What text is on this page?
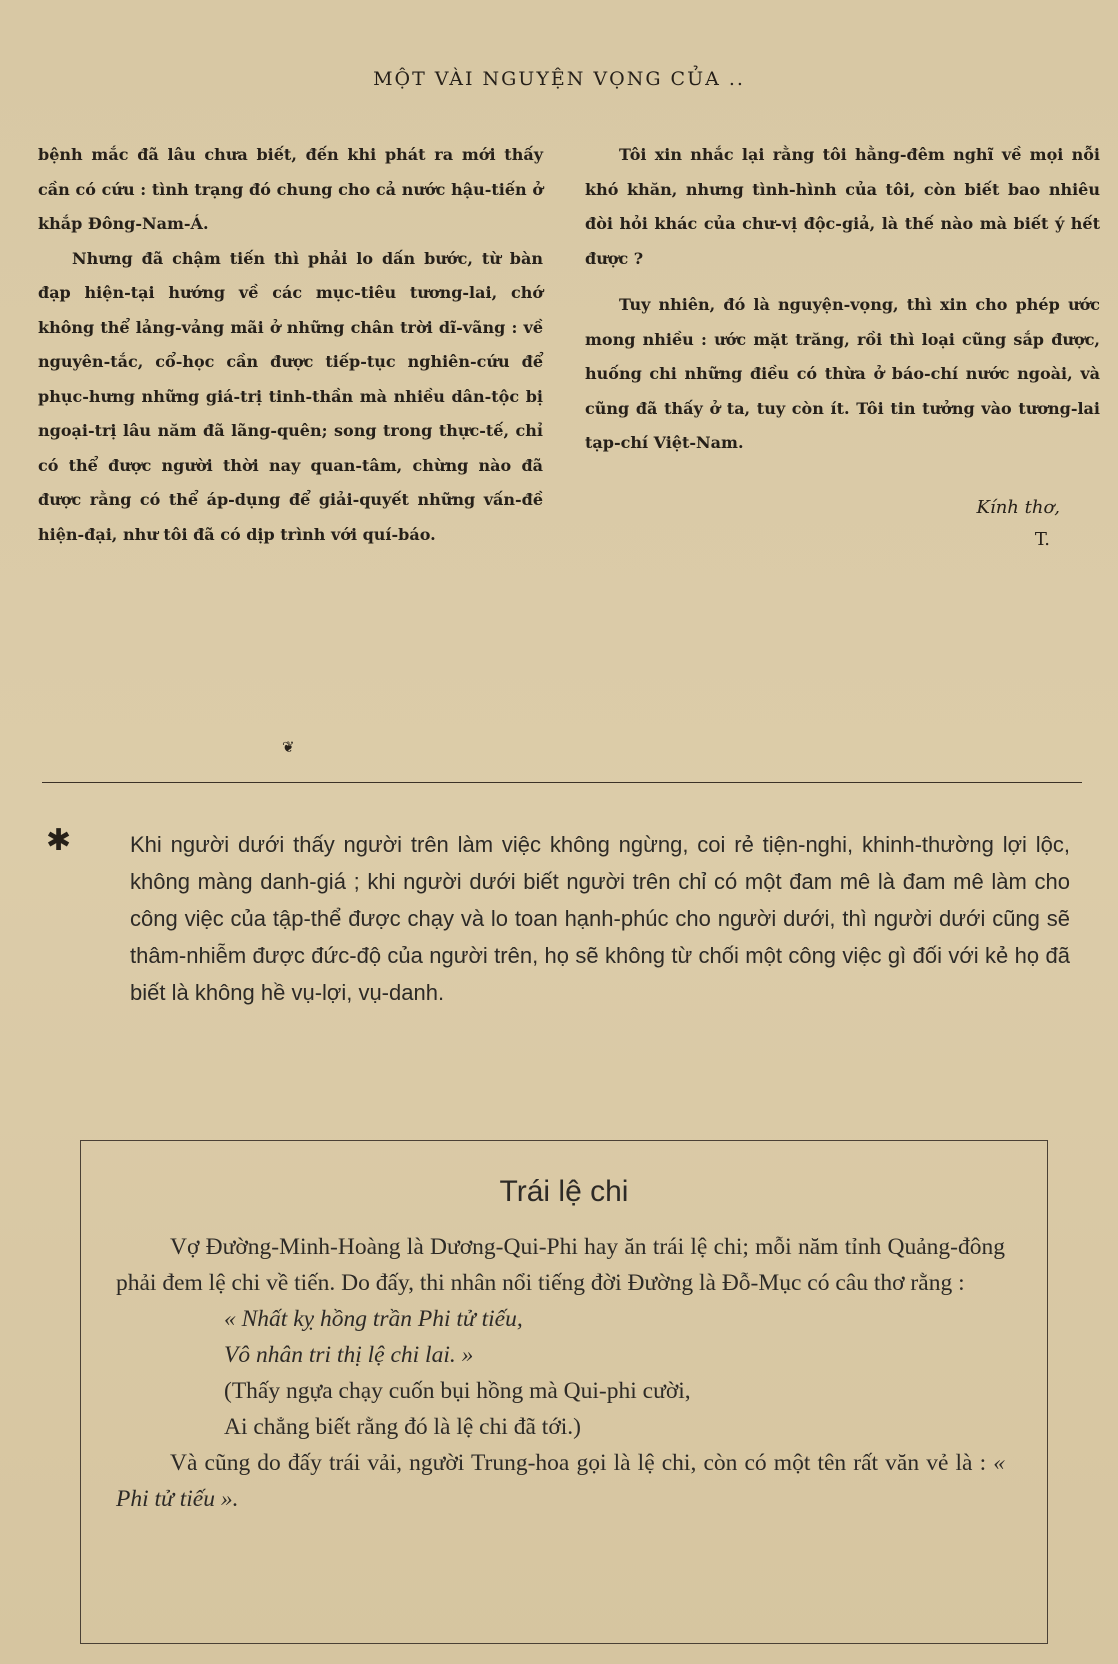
MỘT VÀI NGUYỆN VỌNG CỦA ..

bệnh mắc đã lâu chưa biết, đến khi phát ra mới thấy cần có cứu : tình trạng đó chung cho cả nước hậu-tiến ở khắp Đông-Nam-Á.

Nhưng đã chậm tiến thì phải lo dấn bước, từ bàn đạp hiện-tại hướng về các mục-tiêu tương-lai, chớ không thể lảng-vảng mãi ở những chân trời dĩ-vãng : về nguyên-tắc, cổ-học cần được tiếp-tục nghiên-cứu để phục-hưng những giá-trị tinh-thần mà nhiều dân-tộc bị ngoại-trị lâu năm đã lãng-quên; song trong thực-tế, chỉ có thể được người thời nay quan-tâm, chừng nào đã được rằng có thể áp-dụng để giải-quyết những vấn-đề hiện-đại, như tôi đã có dịp trình với quí-báo.

Tôi xin nhắc lại rằng tôi hằng-đêm nghĩ về mọi nỗi khó khăn, nhưng tình-hình của tôi, còn biết bao nhiêu đòi hỏi khác của chư-vị độc-giả, là thế nào mà biết ý hết được ?

Tuy nhiên, đó là nguyện-vọng, thì xin cho phép ước mong nhiều : ước mặt trăng, rồi thì loại cũng sắp được, huống chi những điều có thừa ở báo-chí nước ngoài, và cũng đã thấy ở ta, tuy còn ít. Tôi tin tưởng vào tương-lai tạp-chí Việt-Nam.

Kính thơ,
T.
❦
✱	Khi người dưới thấy người trên làm việc không ngừng, coi rẻ tiện-nghi, khinh-thường lợi lộc, không màng danh-giá ; khi người dưới biết người trên chỉ có một đam mê là đam mê làm cho công việc của tập-thể được chạy và lo toan hạnh-phúc cho người dưới, thì người dưới cũng sẽ thâm-nhiễm được đức-độ của người trên, họ sẽ không từ chối một công việc gì đối với kẻ họ đã biết là không hề vụ-lợi, vụ-danh.
Trái lệ chi

Vợ Đường-Minh-Hoàng là Dương-Qui-Phi hay ăn trái lệ chi; mỗi năm tỉnh Quảng-đông phải đem lệ chi về tiến. Do đấy, thi nhân nổi tiếng đời Đường là Đỗ-Mục có câu thơ rằng :

« Nhất kỵ hồng trần Phi tử tiếu,
Vô nhân tri thị lệ chi lai. »
(Thấy ngựa chạy cuốn bụi hồng mà Qui-phi cười,
Ai chẳng biết rằng đó là lệ chi đã tới.)

Và cũng do đấy trái vải, người Trung-hoa gọi là lệ chi, còn có một tên rất văn vẻ là : « Phi tử tiếu ».
